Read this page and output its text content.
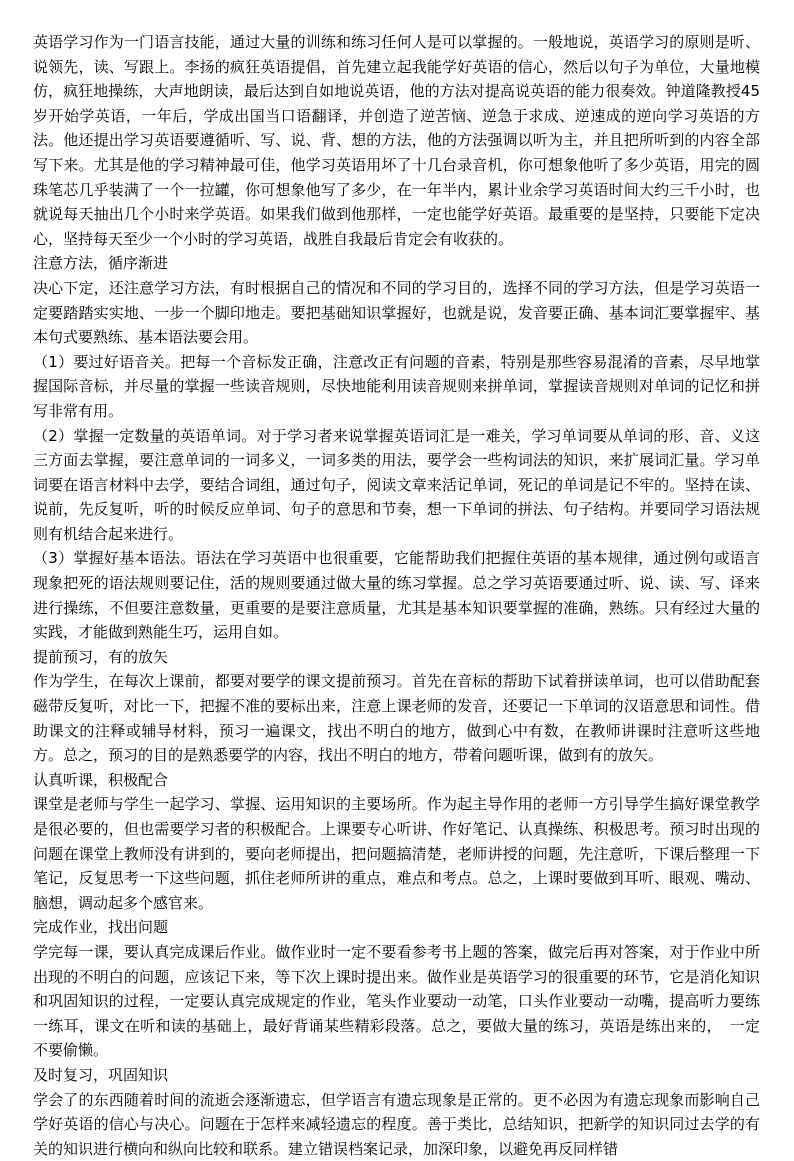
英语学习作为一门语言技能，通过大量的训练和练习任何人是可以掌握的。一般地说，英语学习的原则是听、说领先，读、写跟上。李扬的疯狂英语提倡，首先建立起我能学好英语的信心，然后以句子为单位，大量地模仿，疯狂地操练，大声地朗读，最后达到自如地说英语，他的方法对提高说英语的能力很奏效。钟道隆教授45岁开始学英语，一年后，学成出国当口语翻译，并创造了逆苦恼、逆急于求成、逆速成的逆向学习英语的方法。他还提出学习英语要遵循听、写、说、背、想的方法，他的方法强调以听为主，并且把所听到的内容全部写下来。尤其是他的学习精神最可佳，他学习英语用坏了十几台录音机，你可想象他听了多少英语，用完的圆珠笔芯几乎装满了一个一拉罐，你可想象他写了多少，在一年半内，累计业余学习英语时间大约三千小时，也就说每天抽出几个小时来学英语。如果我们做到他那样，一定也能学好英语。最重要的是坚持，只要能下定决心，坚持每天至少一个小时的学习英语，战胜自我最后肯定会有收获的。

注意方法，循序渐进

决心下定，还注意学习方法，有时根据自己的情况和不同的学习目的，选择不同的学习方法，但是学习英语一定要踏踏实实地、一步一个脚印地走。要把基础知识掌握好，也就是说，发音要正确、基本词汇要掌握牢、基本句式要熟练、基本语法要会用。

（1）要过好语音关。把每一个音标发正确，注意改正有问题的音素，特别是那些容易混淆的音素，尽早地掌握国际音标，并尽量的掌握一些读音规则，尽快地能利用读音规则来拼单词，掌握读音规则对单词的记忆和拼写非常有用。

（2）掌握一定数量的英语单词。对于学习者来说掌握英语词汇是一难关，学习单词要从单词的形、音、义这三方面去掌握，要注意单词的一词多义，一词多类的用法，要学会一些构词法的知识，来扩展词汇量。学习单词要在语言材料中去学，要结合词组，通过句子，阅读文章来活记单词，死记的单词是记不牢的。坚持在读、说前，先反复听，听的时候反应单词、句子的意思和节奏，想一下单词的拼法、句子结构。并要同学习语法规则有机结合起来进行。

（3）掌握好基本语法。语法在学习英语中也很重要，它能帮助我们把握住英语的基本规律，通过例句或语言现象把死的语法规则要记住，活的规则要通过做大量的练习掌握。总之学习英语要通过听、说、读、写、译来进行操练，不但要注意数量，更重要的是要注意质量，尤其是基本知识要掌握的准确，熟练。只有经过大量的实践，才能做到熟能生巧，运用自如。

提前预习，有的放矢

作为学生，在每次上课前，都要对要学的课文提前预习。首先在音标的帮助下试着拼读单词，也可以借助配套磁带反复听，对比一下，把握不准的要标出来，注意上课老师的发音，还要记一下单词的汉语意思和词性。借助课文的注释或辅导材料，预习一遍课文，找出不明白的地方，做到心中有数，在教师讲课时注意听这些地方。总之，预习的目的是熟悉要学的内容，找出不明白的地方，带着问题听课，做到有的放矢。

认真听课，积极配合

课堂是老师与学生一起学习、掌握、运用知识的主要场所。作为起主导作用的老师一方引导学生搞好课堂教学是很必要的，但也需要学习者的积极配合。上课要专心听讲、作好笔记、认真操练、积极思考。预习时出现的问题在课堂上教师没有讲到的，要向老师提出，把问题搞清楚，老师讲授的问题，先注意听，下课后整理一下笔记，反复思考一下这些问题，抓住老师所讲的重点，难点和考点。总之，上课时要做到耳听、眼观、嘴动、脑想，调动起多个感官来。

完成作业，找出问题

学完每一课，要认真完成课后作业。做作业时一定不要看参考书上题的答案，做完后再对答案，对于作业中所出现的不明白的问题，应该记下来，等下次上课时提出来。做作业是英语学习的很重要的环节，它是消化知识和巩固知识的过程，一定要认真完成规定的作业，笔头作业要动一动笔，口头作业要动一动嘴，提高听力要练一练耳，课文在听和读的基础上，最好背诵某些精彩段落。总之，要做大量的练习，英语是练出来的，　一定不要偷懒。

及时复习，巩固知识

学会了的东西随着时间的流逝会逐渐遗忘，但学语言有遗忘现象是正常的。更不必因为有遗忘现象而影响自己学好英语的信心与决心。问题在于怎样来减轻遗忘的程度。善于类比，总结知识，把新学的知识同过去学的有关的知识进行横向和纵向比较和联系。建立错误档案记录，加深印象，以避免再反同样错
